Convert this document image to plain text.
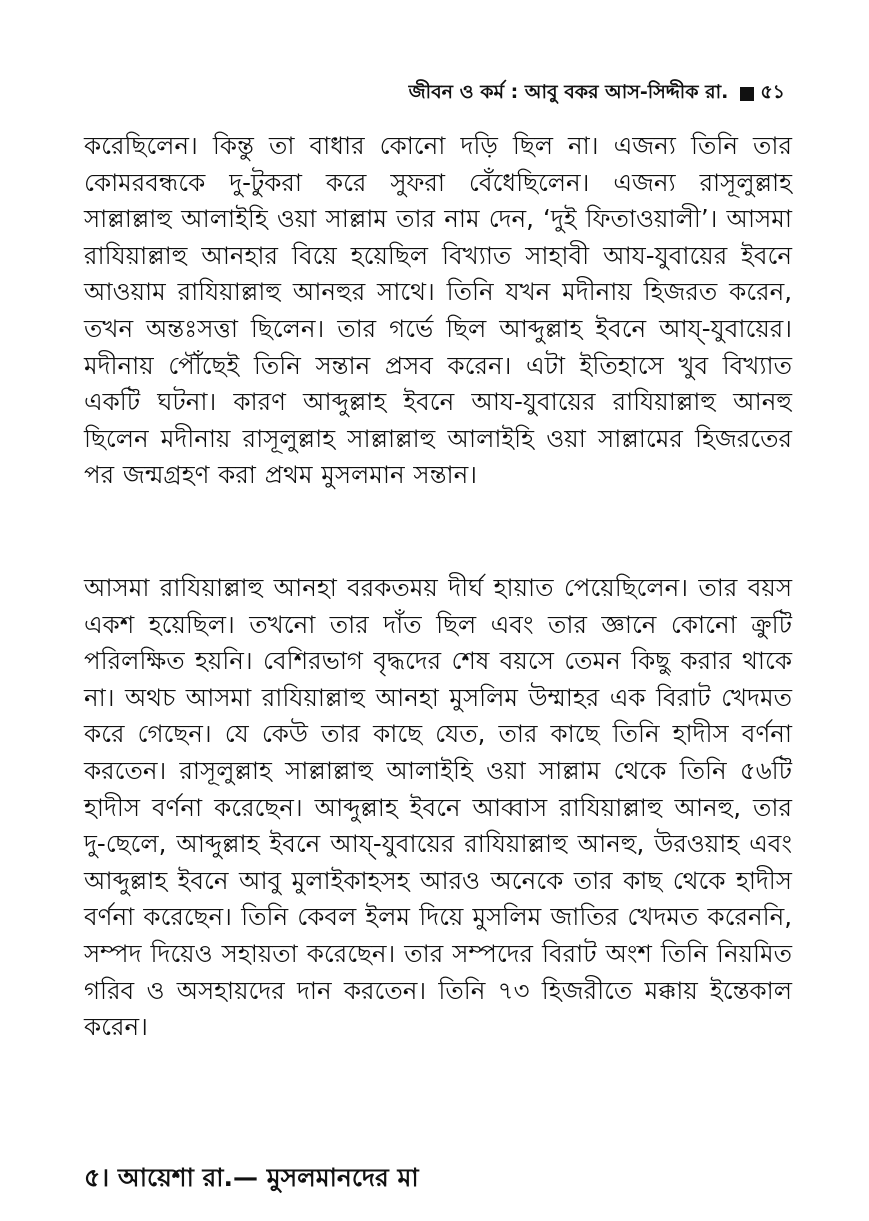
জীবন ও কর্ম : আবু বকর আস-সিদ্দীক রা. ৫১

করেছিলেন। কিন্তু তা বাধার কোনো দড়ি ছিল না। এজন্য তিনি তার কোমরবন্ধকে দু-টুকরা করে সুফরা বেঁধেছিলেন। এজন্য রাসূলুল্লাহ সাল্লাল্লাহু আলাইহি ওয়া সাল্লাম তার নাম দেন, ‘দুই ফিতাওয়ালী’। আসমা রাযিয়াল্লাহু আনহার বিয়ে হয়েছিল বিখ্যাত সাহাবী আয-যুবায়ের ইবনে আওয়াম রাযিয়াল্লাহু আনহুর সাথে। তিনি যখন মদীনায় হিজরত করেন, তখন অন্তঃসত্তা ছিলেন। তার গর্ভে ছিল আব্দুল্লাহ ইবনে আয্-যুবায়ের। মদীনায় পৌঁছেই তিনি সন্তান প্রসব করেন। এটা ইতিহাসে খুব বিখ্যাত একটি ঘটনা। কারণ আব্দুল্লাহ ইবনে আয-যুবায়ের রাযিয়াল্লাহু আনহু ছিলেন মদীনায় রাসূলুল্লাহ সাল্লাল্লাহু আলাইহি ওয়া সাল্লামের হিজরতের পর জন্মগ্রহণ করা প্রথম মুসলমান সন্তান।

আসমা রাযিয়াল্লাহু আনহা বরকতময় দীর্ঘ হায়াত পেয়েছিলেন। তার বয়স একশ হয়েছিল। তখনো তার দাঁত ছিল এবং তার জ্ঞানে কোনো ক্রুটি পরিলক্ষিত হয়নি। বেশিরভাগ বৃদ্ধদের শেষ বয়সে তেমন কিছু করার থাকে না। অথচ আসমা রাযিয়াল্লাহু আনহা মুসলিম উম্মাহর এক বিরাট খেদমত করে গেছেন। যে কেউ তার কাছে যেত, তার কাছে তিনি হাদীস বর্ণনা করতেন। রাসূলুল্লাহ সাল্লাল্লাহু আলাইহি ওয়া সাল্লাম থেকে তিনি ৫৬টি হাদীস বর্ণনা করেছেন। আব্দুল্লাহ ইবনে আব্বাস রাযিয়াল্লাহু আনহু, তার দু-ছেলে, আব্দুল্লাহ ইবনে আয্-যুবায়ের রাযিয়াল্লাহু আনহু, উরওয়াহ এবং আব্দুল্লাহ ইবনে আবু মুলাইকাহসহ আরও অনেকে তার কাছ থেকে হাদীস বর্ণনা করেছেন। তিনি কেবল ইলম দিয়ে মুসলিম জাতির খেদমত করেননি, সম্পদ দিয়েও সহায়তা করেছেন। তার সম্পদের বিরাট অংশ তিনি নিয়মিত গরিব ও অসহায়দের দান করতেন। তিনি ৭৩ হিজরীতে মক্কায় ইন্তেকাল করেন।

৫। আয়েশা রা.— মুসলমানদের মা
